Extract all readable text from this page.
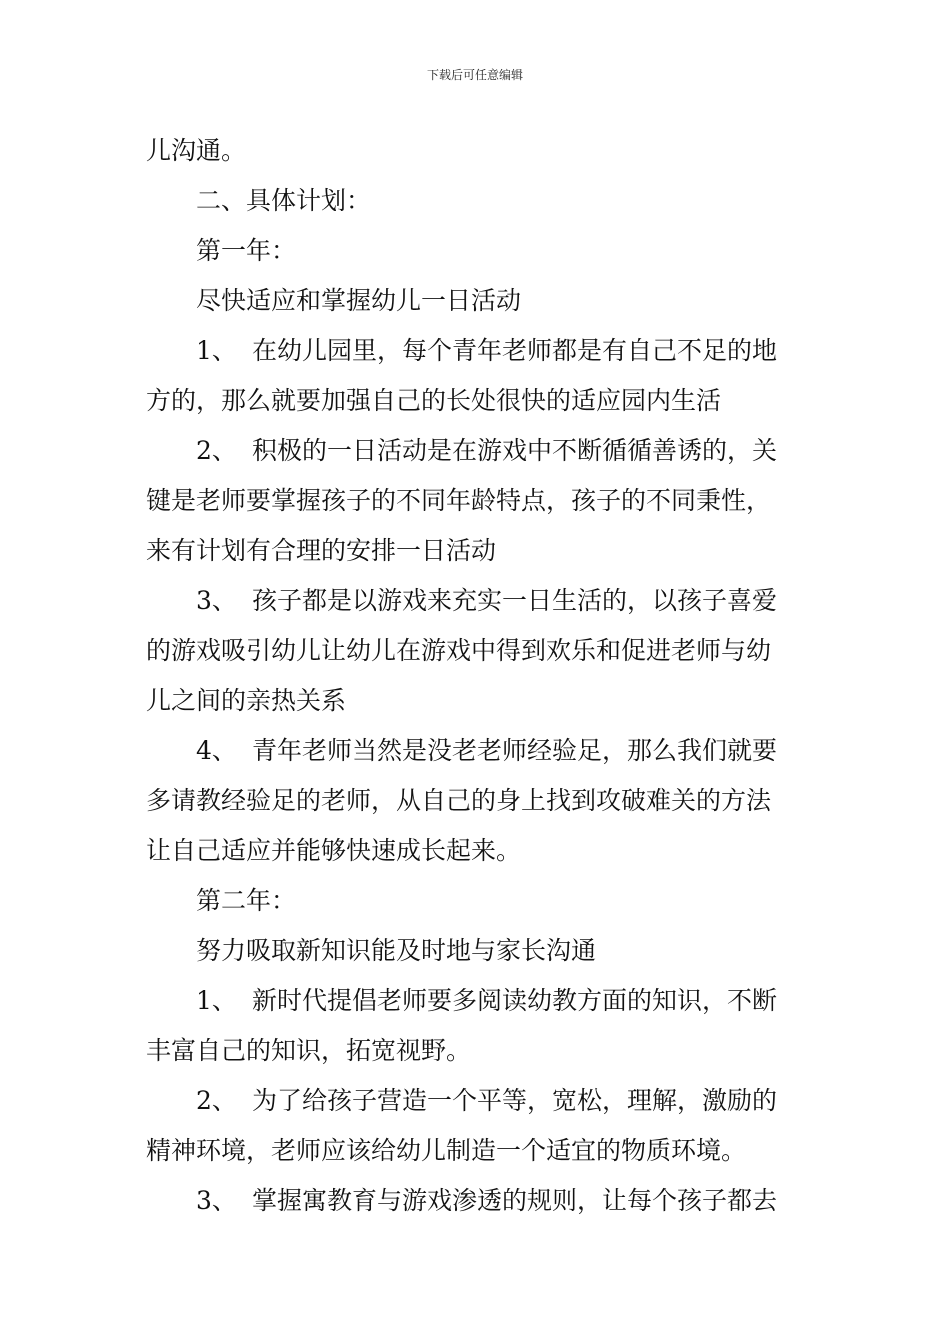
下载后可任意编辑
儿沟通。
二、具体计划：
第一年：
尽快适应和掌握幼儿一日活动
1、 在幼儿园里，每个青年老师都是有自己不足的地
方的，那么就要加强自己的长处很快的适应园内生活
2、 积极的一日活动是在游戏中不断循循善诱的，关
键是老师要掌握孩子的不同年龄特点，孩子的不同秉性，
来有计划有合理的安排一日活动
3、 孩子都是以游戏来充实一日生活的，以孩子喜爱
的游戏吸引幼儿让幼儿在游戏中得到欢乐和促进老师与幼
儿之间的亲热关系
4、 青年老师当然是没老老师经验足，那么我们就要
多请教经验足的老师，从自己的身上找到攻破难关的方法
让自己适应并能够快速成长起来。
第二年：
努力吸取新知识能及时地与家长沟通
1、 新时代提倡老师要多阅读幼教方面的知识，不断
丰富自己的知识，拓宽视野。
2、 为了给孩子营造一个平等，宽松，理解，激励的
精神环境，老师应该给幼儿制造一个适宜的物质环境。
3、 掌握寓教育与游戏渗透的规则，让每个孩子都去
